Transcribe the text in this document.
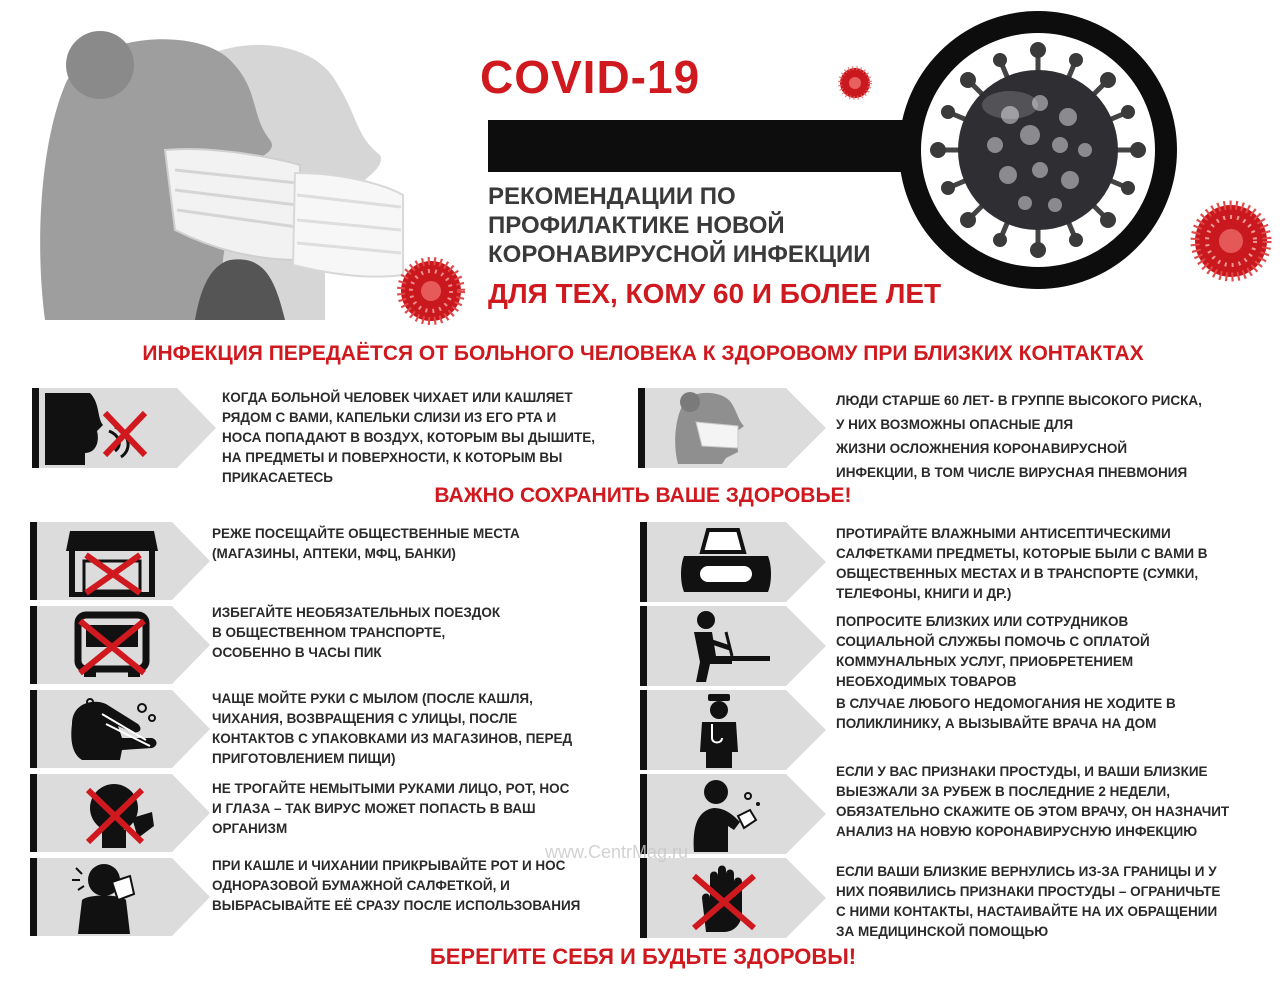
COVID-19
РЕКОМЕНДАЦИИ ПО
ПРОФИЛАКТИКЕ НОВОЙ
КОРОНАВИРУСНОЙ ИНФЕКЦИИ
ДЛЯ ТЕХ, КОМУ 60 И БОЛЕЕ ЛЕТ
ИНФЕКЦИЯ ПЕРЕДАЁТСЯ ОТ БОЛЬНОГО ЧЕЛОВЕКА К ЗДОРОВОМУ ПРИ БЛИЗКИХ КОНТАКТАХ
КОГДА БОЛЬНОЙ ЧЕЛОВЕК ЧИХАЕТ ИЛИ КАШЛЯЕТ
РЯДОМ С ВАМИ, КАПЕЛЬКИ СЛИЗИ ИЗ ЕГО РТА И
НОСА ПОПАДАЮТ В ВОЗДУХ, КОТОРЫМ ВЫ ДЫШИТЕ,
НА ПРЕДМЕТЫ И ПОВЕРХНОСТИ, К КОТОРЫМ ВЫ
ПРИКАСАЕТЕСЬ
ЛЮДИ СТАРШЕ 60 ЛЕТ- В ГРУППЕ ВЫСОКОГО РИСКА,
У НИХ ВОЗМОЖНЫ ОПАСНЫЕ ДЛЯ
ЖИЗНИ ОСЛОЖНЕНИЯ КОРОНАВИРУСНОЙ
ИНФЕКЦИИ, В ТОМ ЧИСЛЕ ВИРУСНАЯ ПНЕВМОНИЯ
ВАЖНО СОХРАНИТЬ ВАШЕ ЗДОРОВЬЕ!
РЕЖЕ ПОСЕЩАЙТЕ ОБЩЕСТВЕННЫЕ МЕСТА
(МАГАЗИНЫ, АПТЕКИ, МФЦ, БАНКИ)
ИЗБЕГАЙТЕ НЕОБЯЗАТЕЛЬНЫХ ПОЕЗДОК
В ОБЩЕСТВЕННОМ ТРАНСПОРТЕ,
ОСОБЕННО В ЧАСЫ ПИК
ЧАЩЕ МОЙТЕ РУКИ С МЫЛОМ (ПОСЛЕ КАШЛЯ,
ЧИХАНИЯ, ВОЗВРАЩЕНИЯ С УЛИЦЫ, ПОСЛЕ
КОНТАКТОВ С УПАКОВКАМИ ИЗ МАГАЗИНОВ, ПЕРЕД
ПРИГОТОВЛЕНИЕМ ПИЩИ)
НЕ ТРОГАЙТЕ НЕМЫТЫМИ РУКАМИ ЛИЦО, РОТ, НОС
И ГЛАЗА – ТАК ВИРУС МОЖЕТ ПОПАСТЬ В ВАШ
ОРГАНИЗМ
ПРИ КАШЛЕ И ЧИХАНИИ ПРИКРЫВАЙТЕ РОТ И НОС
ОДНОРАЗОВОЙ БУМАЖНОЙ САЛФЕТКОЙ, И
ВЫБРАСЫВАЙТЕ ЕЁ СРАЗУ ПОСЛЕ ИСПОЛЬЗОВАНИЯ
ПРОТИРАЙТЕ ВЛАЖНЫМИ АНТИСЕПТИЧЕСКИМИ
САЛФЕТКАМИ ПРЕДМЕТЫ, КОТОРЫЕ БЫЛИ С ВАМИ В
ОБЩЕСТВЕННЫХ МЕСТАХ И В ТРАНСПОРТЕ (СУМКИ,
ТЕЛЕФОНЫ, КНИГИ И ДР.)
ПОПРОСИТЕ БЛИЗКИХ ИЛИ СОТРУДНИКОВ
СОЦИАЛЬНОЙ СЛУЖБЫ ПОМОЧЬ С ОПЛАТОЙ
КОММУНАЛЬНЫХ УСЛУГ, ПРИОБРЕТЕНИЕМ
НЕОБХОДИМЫХ ТОВАРОВ
В СЛУЧАЕ ЛЮБОГО НЕДОМОГАНИЯ НЕ ХОДИТЕ В
ПОЛИКЛИНИКУ, А ВЫЗЫВАЙТЕ ВРАЧА НА ДОМ
ЕСЛИ У ВАС ПРИЗНАКИ ПРОСТУДЫ, И ВАШИ БЛИЗКИЕ
ВЫЕЗЖАЛИ ЗА РУБЕЖ В ПОСЛЕДНИЕ 2 НЕДЕЛИ,
ОБЯЗАТЕЛЬНО СКАЖИТЕ ОБ ЭТОМ ВРАЧУ, ОН НАЗНАЧИТ
АНАЛИЗ НА НОВУЮ КОРОНАВИРУСНУЮ ИНФЕКЦИЮ
ЕСЛИ ВАШИ БЛИЗКИЕ ВЕРНУЛИСЬ ИЗ-ЗА ГРАНИЦЫ И У
НИХ ПОЯВИЛИСЬ ПРИЗНАКИ ПРОСТУДЫ – ОГРАНИЧЬТЕ
С НИМИ КОНТАКТЫ, НАСТАИВАЙТЕ НА ИХ ОБРАЩЕНИИ
ЗА МЕДИЦИНСКОЙ ПОМОЩЬЮ
www.CentrMag.ru
БЕРЕГИТЕ СЕБЯ И БУДЬТЕ ЗДОРОВЫ!
